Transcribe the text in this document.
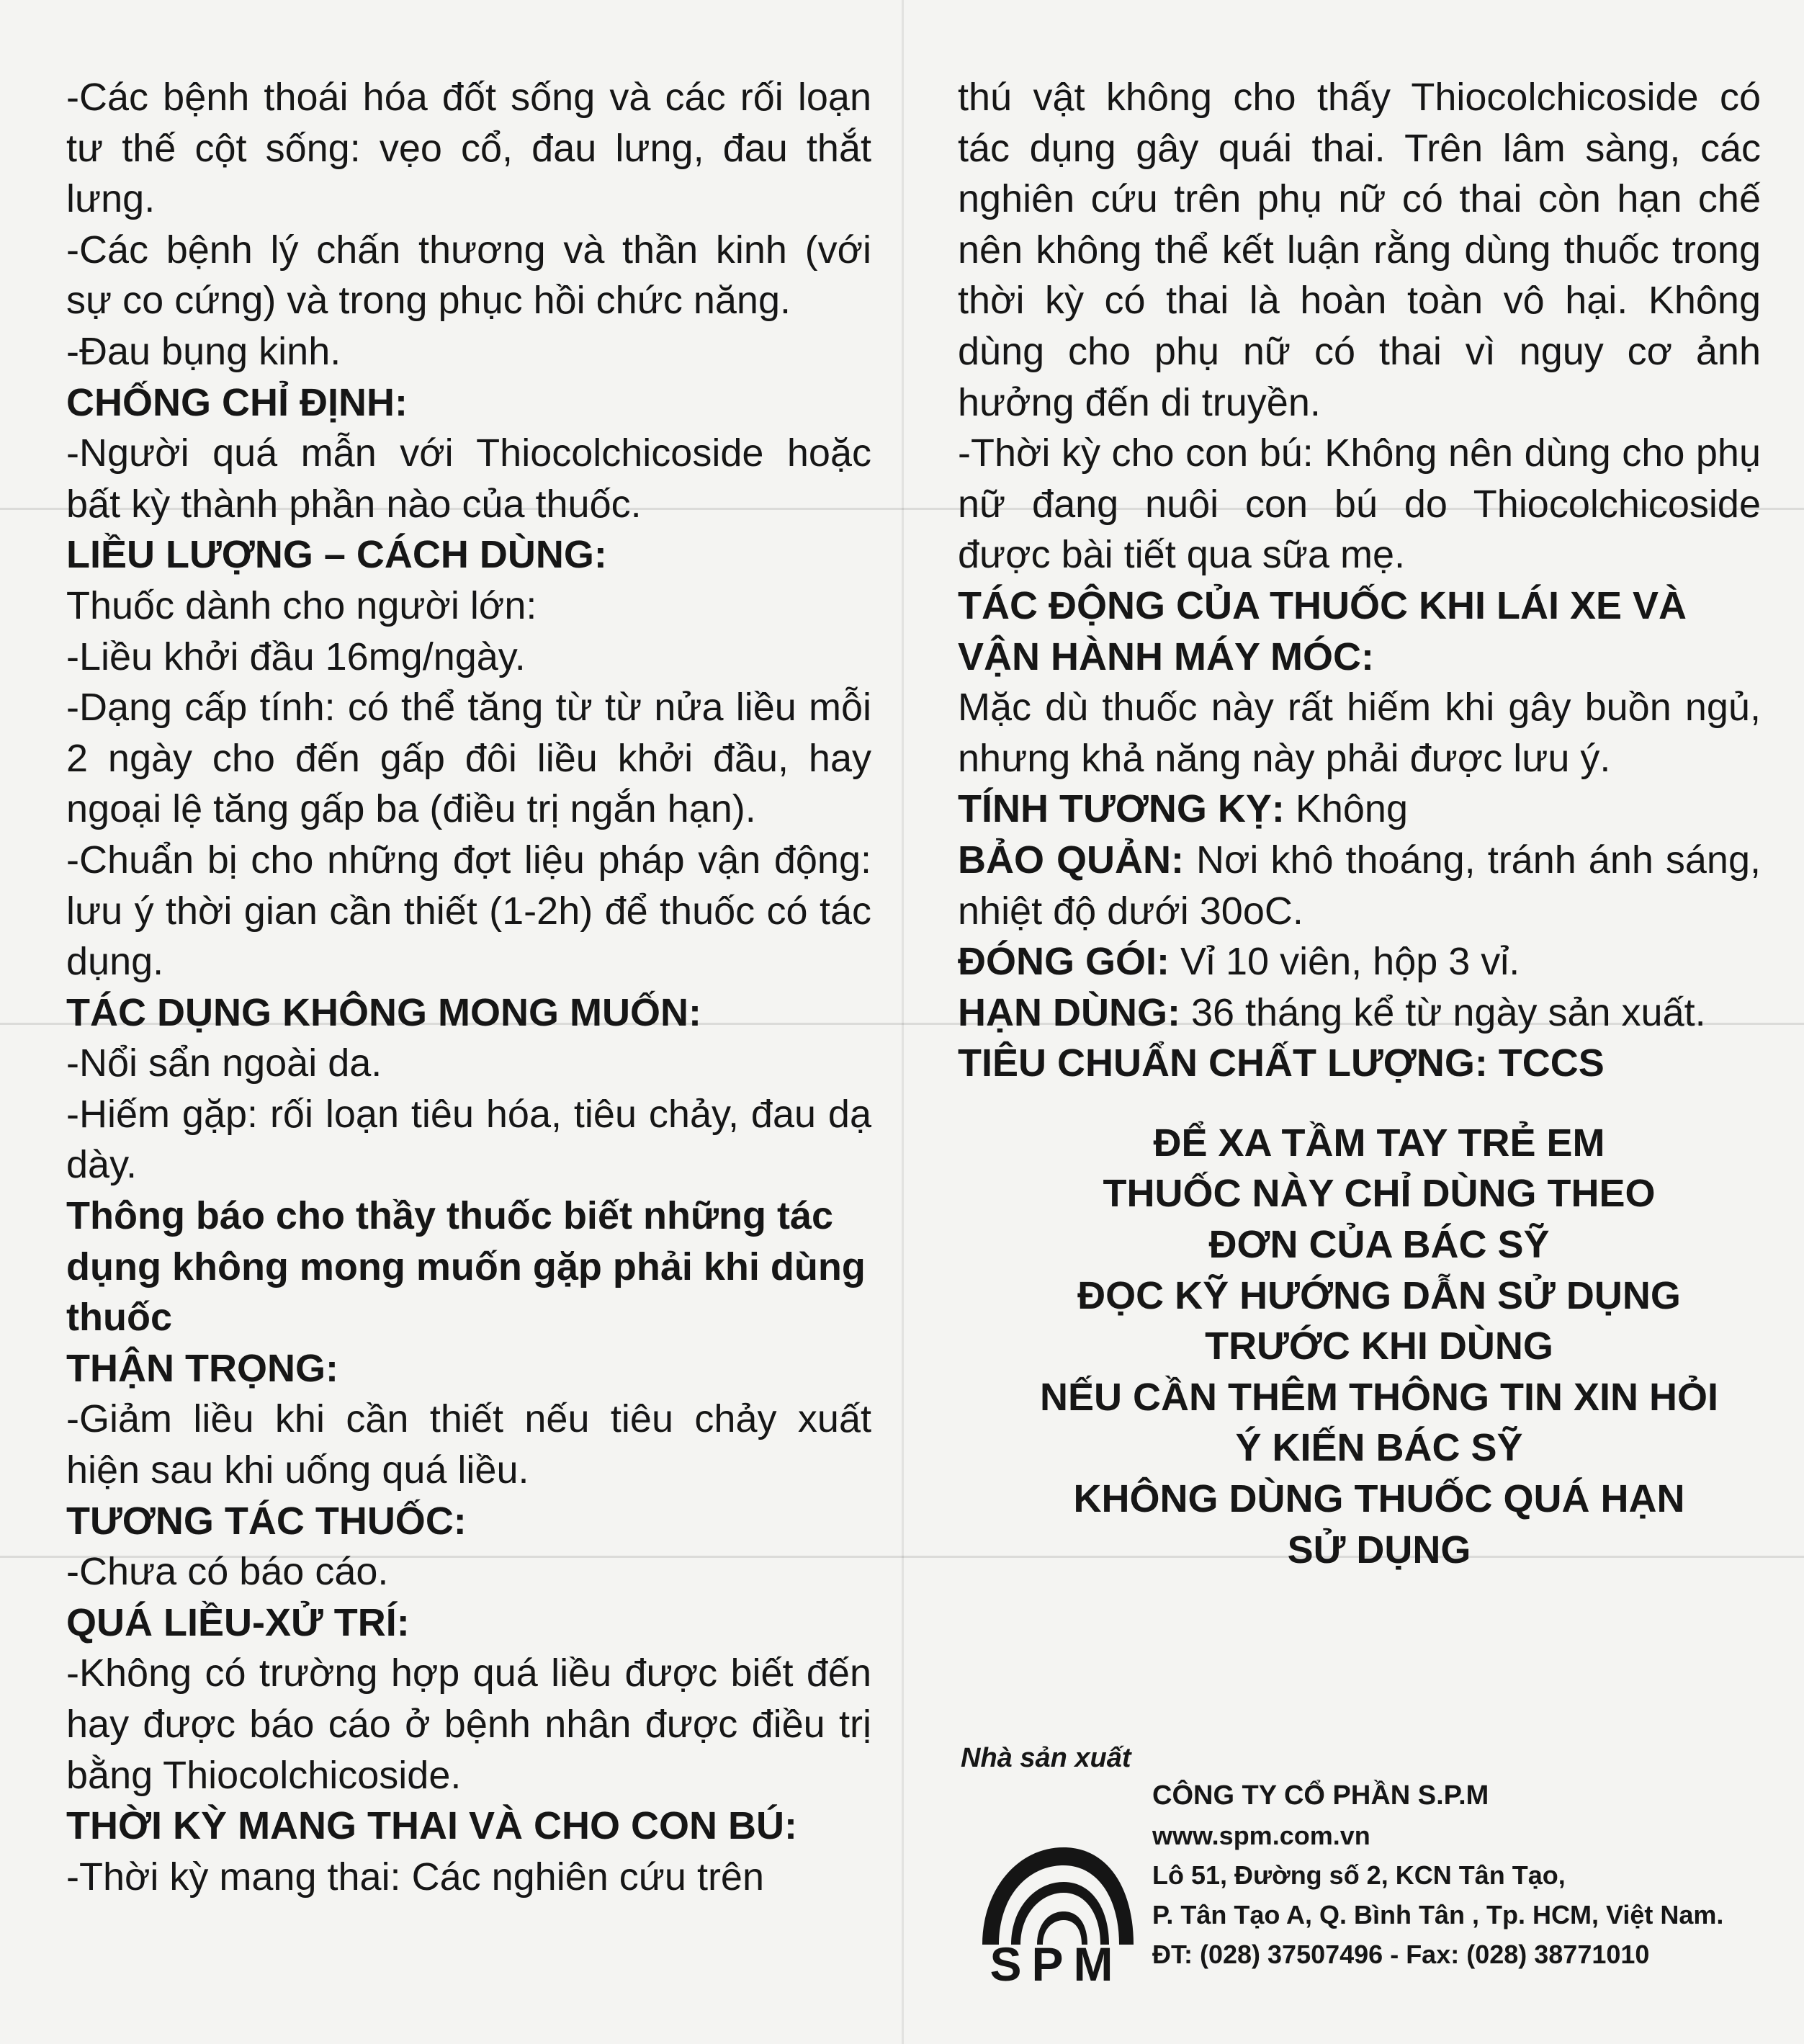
-Các bệnh thoái hóa đốt sống và các rối loạn tư thế cột sống: vẹo cổ, đau lưng, đau thắt lưng.

-Các bệnh lý chấn thương và thần kinh (với sự co cứng) và trong phục hồi chức năng.

-Đau bụng kinh.

CHỐNG CHỈ ĐỊNH:

-Người quá mẫn với Thiocolchicoside hoặc bất kỳ thành phần nào của thuốc.

LIỀU LƯỢNG – CÁCH DÙNG:

Thuốc dành cho người lớn:

-Liều khởi đầu 16mg/ngày.

-Dạng cấp tính: có thể tăng từ từ nửa liều mỗi 2 ngày cho đến gấp đôi liều khởi đầu, hay ngoại lệ tăng gấp ba (điều trị ngắn hạn).

-Chuẩn bị cho những đợt liệu pháp vận động: lưu ý thời gian cần thiết (1-2h) để thuốc có tác dụng.

TÁC DỤNG KHÔNG MONG MUỐN:

-Nổi sẩn ngoài da.

-Hiếm gặp: rối loạn tiêu hóa, tiêu chảy, đau dạ dày.

Thông báo cho thầy thuốc biết những tác dụng không mong muốn gặp phải khi dùng thuốc

THẬN TRỌNG:

-Giảm liều khi cần thiết nếu tiêu chảy xuất hiện sau khi uống quá liều.

TƯƠNG TÁC THUỐC:

-Chưa có báo cáo.

QUÁ LIỀU-XỬ TRÍ:

-Không có trường hợp quá liều được biết đến hay được báo cáo ở bệnh nhân được điều trị bằng Thiocolchicoside.

THỜI KỲ MANG THAI VÀ CHO CON BÚ:

-Thời kỳ mang thai: Các nghiên cứu trên

thú vật không cho thấy Thiocolchicoside có tác dụng gây quái thai. Trên lâm sàng, các nghiên cứu trên phụ nữ có thai còn hạn chế nên không thể kết luận rằng dùng thuốc trong thời kỳ có thai là hoàn toàn vô hại. Không dùng cho phụ nữ có thai vì nguy cơ ảnh hưởng đến di truyền.

-Thời kỳ cho con bú: Không nên dùng cho phụ nữ đang nuôi con bú do Thiocolchicoside được bài tiết qua sữa mẹ.

TÁC ĐỘNG CỦA THUỐC KHI LÁI XE VÀ VẬN HÀNH MÁY MÓC:

Mặc dù thuốc này rất hiếm khi gây buồn ngủ, nhưng khả năng này phải được lưu ý.

TÍNH TƯƠNG KỴ: Không

BẢO QUẢN: Nơi khô thoáng, tránh ánh sáng, nhiệt độ dưới 30oC.

ĐÓNG GÓI: Vỉ 10 viên, hộp 3 vỉ.

HẠN DÙNG: 36 tháng kể từ ngày sản xuất.

TIÊU CHUẨN CHẤT LƯỢNG: TCCS

ĐỂ XA TẦM TAY TRẺ EM
THUỐC NÀY CHỈ DÙNG THEO
ĐƠN CỦA BÁC SỸ
ĐỌC KỸ HƯỚNG DẪN SỬ DỤNG
TRƯỚC KHI DÙNG
NẾU CẦN THÊM THÔNG TIN XIN HỎI
Ý KIẾN BÁC SỸ
KHÔNG DÙNG THUỐC QUÁ HẠN
SỬ DỤNG
Nhà sản xuất
SPM
CÔNG TY CỔ PHẦN S.P.M
www.spm.com.vn
Lô 51, Đường số 2, KCN Tân Tạo,
P. Tân Tạo A, Q. Bình Tân , Tp. HCM, Việt Nam.
ĐT: (028) 37507496 - Fax: (028) 38771010
